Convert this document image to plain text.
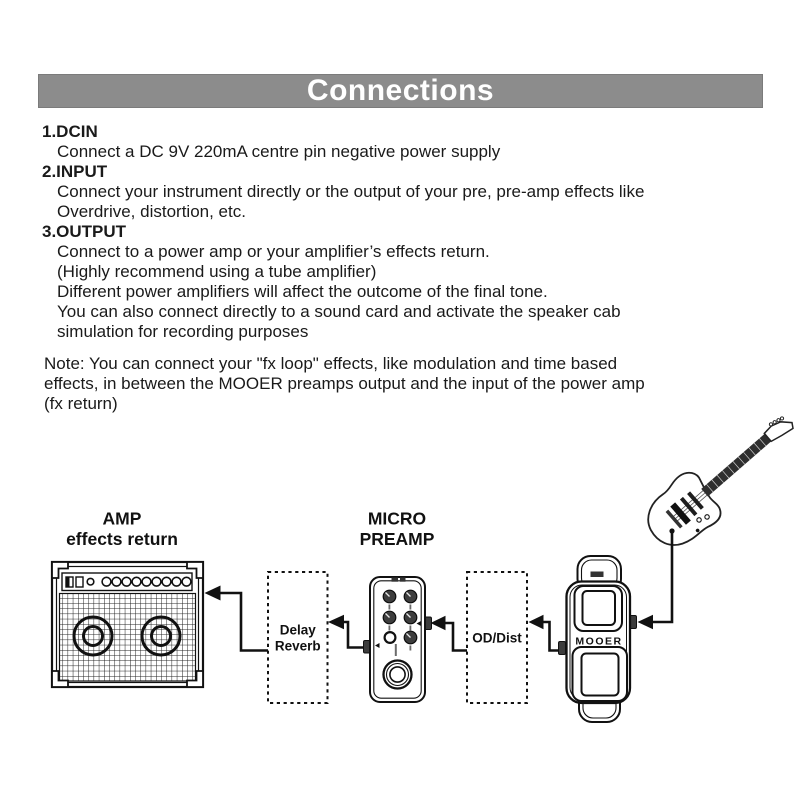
Connections
1.DCIN
Connect a DC 9V 220mA centre pin negative power supply
2.INPUT
Connect your instrument directly or the output of your pre, pre-amp effects like
Overdrive, distortion, etc.
3.OUTPUT
Connect to a power amp or your amplifier’s effects return.
(Highly recommend using a tube amplifier)
Different power amplifiers will affect the outcome of the final tone.
You can also connect directly to a sound card and activate the speaker cab
simulation for recording purposes
Note: You can connect your "fx loop" effects, like modulation and time based
effects, in between the MOOER preamps output and the input of the power amp
(fx return)
AMP
effects return
MICRO
PREAMP
Delay
Reverb
OD/Dist	MOOER
